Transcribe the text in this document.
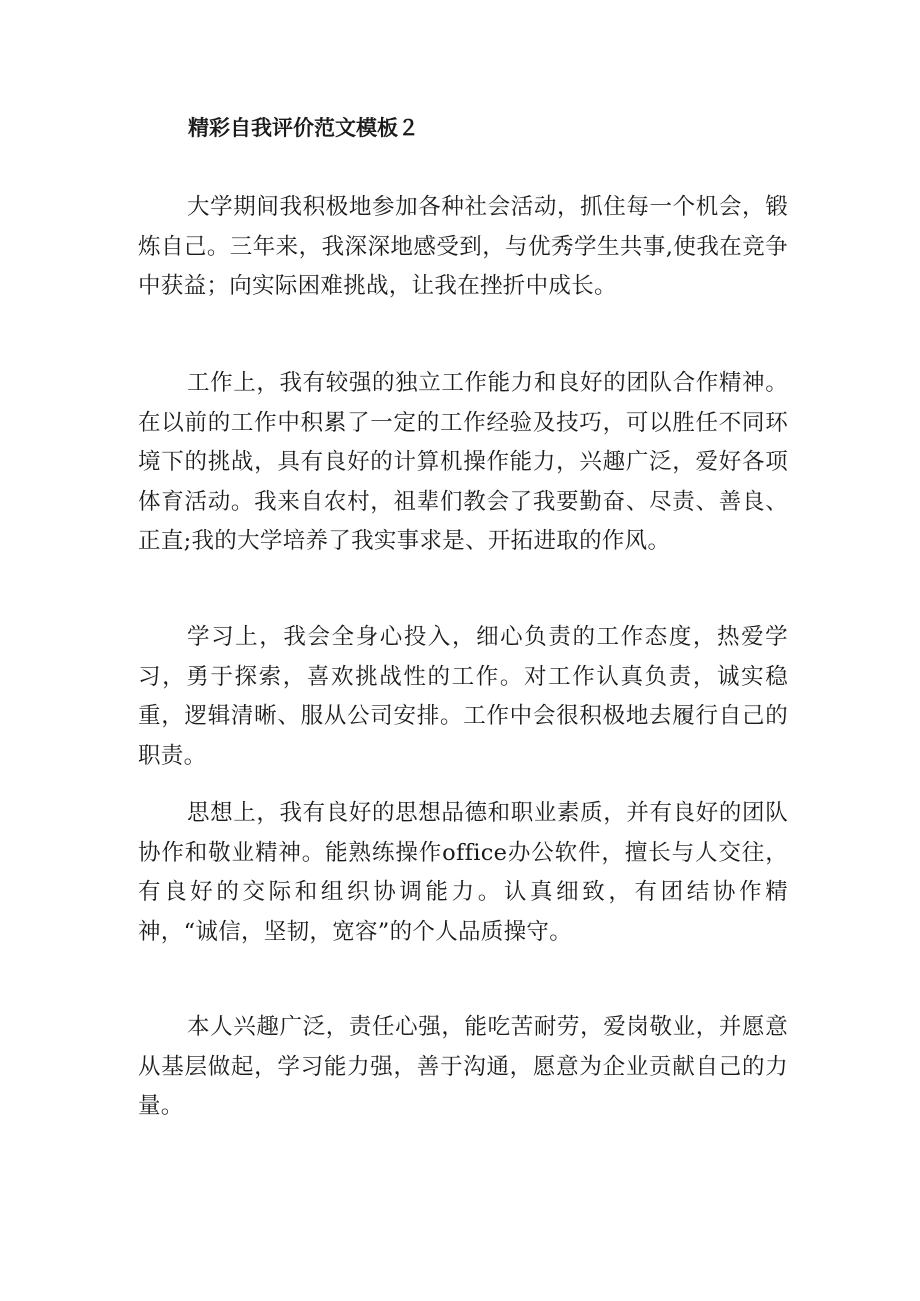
精彩自我评价范文模板２

大学期间我积极地参加各种社会活动，抓住每一个机会，锻炼自己。三年来，我深深地感受到，与优秀学生共事,使我在竞争中获益；向实际困难挑战，让我在挫折中成长。

工作上，我有较强的独立工作能力和良好的团队合作精神。在以前的工作中积累了一定的工作经验及技巧，可以胜任不同环境下的挑战，具有良好的计算机操作能力，兴趣广泛，爱好各项体育活动。我来自农村，祖辈们教会了我要勤奋、尽责、善良、正直;我的大学培养了我实事求是、开拓进取的作风。

学习上，我会全身心投入，细心负责的工作态度，热爱学习，勇于探索，喜欢挑战性的工作。对工作认真负责，诚实稳重，逻辑清晰、服从公司安排。工作中会很积极地去履行自己的职责。

思想上，我有良好的思想品德和职业素质，并有良好的团队协作和敬业精神。能熟练操作office办公软件，擅长与人交往，有良好的交际和组织协调能力。认真细致，有团结协作精神，“诚信，坚韧，宽容”的个人品质操守。

本人兴趣广泛，责任心强，能吃苦耐劳，爱岗敬业，并愿意从基层做起，学习能力强，善于沟通，愿意为企业贡献自己的力量。
